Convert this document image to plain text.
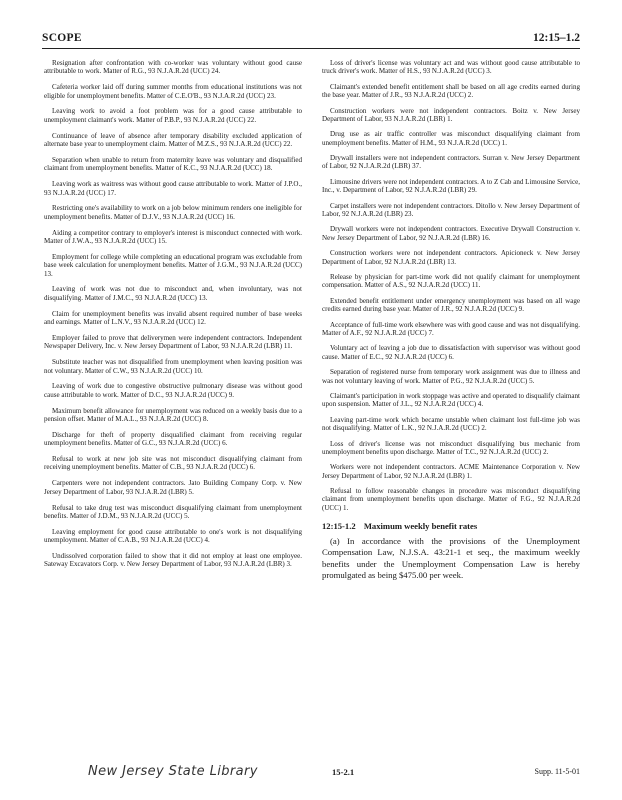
SCOPE	12:15–1.2

Resignation after confrontation with co-worker was voluntary without good cause attributable to work. Matter of R.G., 93 N.J.A.R.2d (UCC) 24.

Cafeteria worker laid off during summer months from educational institutions was not eligible for unemployment benefits. Matter of C.E.O'B., 93 N.J.A.R.2d (UCC) 23.

Leaving work to avoid a foot problem was for a good cause attributable to unemployment claimant's work. Matter of P.B.P., 93 N.J.A.R.2d (UCC) 22.

Continuance of leave of absence after temporary disability excluded application of alternate base year to unemployment claim. Matter of M.Z.S., 93 N.J.A.R.2d (UCC) 22.

Separation when unable to return from maternity leave was voluntary and disqualified claimant from unemployment benefits. Matter of K.C., 93 N.J.A.R.2d (UCC) 18.

Leaving work as waitress was without good cause attributable to work. Matter of J.P.O., 93 N.J.A.R.2d (UCC) 17.

Restricting one's availability to work on a job below minimum renders one ineligible for unemployment benefits. Matter of D.J.V., 93 N.J.A.R.2d (UCC) 16.

Aiding a competitor contrary to employer's interest is misconduct connected with work. Matter of J.W.A., 93 N.J.A.R.2d (UCC) 15.

Employment for college while completing an educational program was excludable from base week calculation for unemployment benefits. Matter of J.G.M., 93 N.J.A.R.2d (UCC) 13.

Leaving of work was not due to misconduct and, when involuntary, was not disqualifying. Matter of J.M.C., 93 N.J.A.R.2d (UCC) 13.

Claim for unemployment benefits was invalid absent required number of base weeks and earnings. Matter of L.N.V., 93 N.J.A.R.2d (UCC) 12.

Employer failed to prove that deliverymen were independent contractors. Independent Newspaper Delivery, Inc. v. New Jersey Department of Labor, 93 N.J.A.R.2d (LBR) 11.

Substitute teacher was not disqualified from unemployment when leaving position was not voluntary. Matter of C.W., 93 N.J.A.R.2d (UCC) 10.

Leaving of work due to congestive obstructive pulmonary disease was without good cause attributable to work. Matter of D.C., 93 N.J.A.R.2d (UCC) 9.

Maximum benefit allowance for unemployment was reduced on a weekly basis due to a pension offset. Matter of M.A.L., 93 N.J.A.R.2d (UCC) 8.

Discharge for theft of property disqualified claimant from receiving regular unemployment benefits. Matter of G.C., 93 N.J.A.R.2d (UCC) 6.

Refusal to work at new job site was not misconduct disqualifying claimant from receiving unemployment benefits. Matter of C.B., 93 N.J.A.R.2d (UCC) 6.

Carpenters were not independent contractors. Jato Building Company Corp. v. New Jersey Department of Labor, 93 N.J.A.R.2d (LBR) 5.

Refusal to take drug test was misconduct disqualifying claimant from unemployment benefits. Matter of J.D.M., 93 N.J.A.R.2d (UCC) 5.

Leaving employment for good cause attributable to one's work is not disqualifying unemployment. Matter of C.A.B., 93 N.J.A.R.2d (UCC) 4.

Undissolved corporation failed to show that it did not employ at least one employee. Sateway Excavators Corp. v. New Jersey Department of Labor, 93 N.J.A.R.2d (LBR) 3.

Loss of driver's license was voluntary act and was without good cause attributable to truck driver's work. Matter of H.S., 93 N.J.A.R.2d (UCC) 3.

Claimant's extended benefit entitlement shall be based on all age credits earned during the base year. Matter of J.R., 93 N.J.A.R.2d (UCC) 2.

Construction workers were not independent contractors. Boitz v. New Jersey Department of Labor, 93 N.J.A.R.2d (LBR) 1.

Drug use as air traffic controller was misconduct disqualifying claimant from unemployment benefits. Matter of H.M., 93 N.J.A.R.2d (UCC) 1.

Drywall installers were not independent contractors. Surran v. New Jersey Department of Labor, 92 N.J.A.R.2d (LBR) 37.

Limousine drivers were not independent contractors. A to Z Cab and Limousine Service, Inc., v. Department of Labor, 92 N.J.A.R.2d (LBR) 29.

Carpet installers were not independent contractors. Ditollo v. New Jersey Department of Labor, 92 N.J.A.R.2d (LBR) 23.

Drywall workers were not independent contractors. Executive Drywall Construction v. New Jersey Department of Labor, 92 N.J.A.R.2d (LBR) 16.

Construction workers were not independent contractors. Apicioneck v. New Jersey Department of Labor, 92 N.J.A.R.2d (LBR) 13.

Release by physician for part-time work did not qualify claimant for unemployment compensation. Matter of A.S., 92 N.J.A.R.2d (UCC) 11.

Extended benefit entitlement under emergency unemployment was based on all wage credits earned during base year. Matter of J.R., 92 N.J.A.R.2d (UCC) 9.

Acceptance of full-time work elsewhere was with good cause and was not disqualifying. Matter of A.F., 92 N.J.A.R.2d (UCC) 7.

Voluntary act of leaving a job due to dissatisfaction with supervisor was without good cause. Matter of E.C., 92 N.J.A.R.2d (UCC) 6.

Separation of registered nurse from temporary work assignment was due to illness and was not voluntary leaving of work. Matter of P.G., 92 N.J.A.R.2d (UCC) 5.

Claimant's participation in work stoppage was active and operated to disqualify claimant upon suspension. Matter of J.L., 92 N.J.A.R.2d (UCC) 4.

Leaving part-time work which became unstable when claimant lost full-time job was not disqualifying. Matter of L.K., 92 N.J.A.R.2d (UCC) 2.

Loss of driver's license was not misconduct disqualifying bus mechanic from unemployment benefits upon discharge. Matter of T.C., 92 N.J.A.R.2d (UCC) 2.

Workers were not independent contractors. ACME Maintenance Corporation v. New Jersey Department of Labor, 92 N.J.A.R.2d (LBR) 1.

Refusal to follow reasonable changes in procedure was misconduct disqualifying claimant from unemployment benefits upon discharge. Matter of F.G., 92 N.J.A.R.2d (UCC) 1.

12:15-1.2 Maximum weekly benefit rates

(a) In accordance with the provisions of the Unemployment Compensation Law, N.J.S.A. 43:21-1 et seq., the maximum weekly benefits under the Unemployment Compensation Law is hereby promulgated as being $475.00 per week.

New Jersey State Library	15-2.1	Supp. 11-5-01
